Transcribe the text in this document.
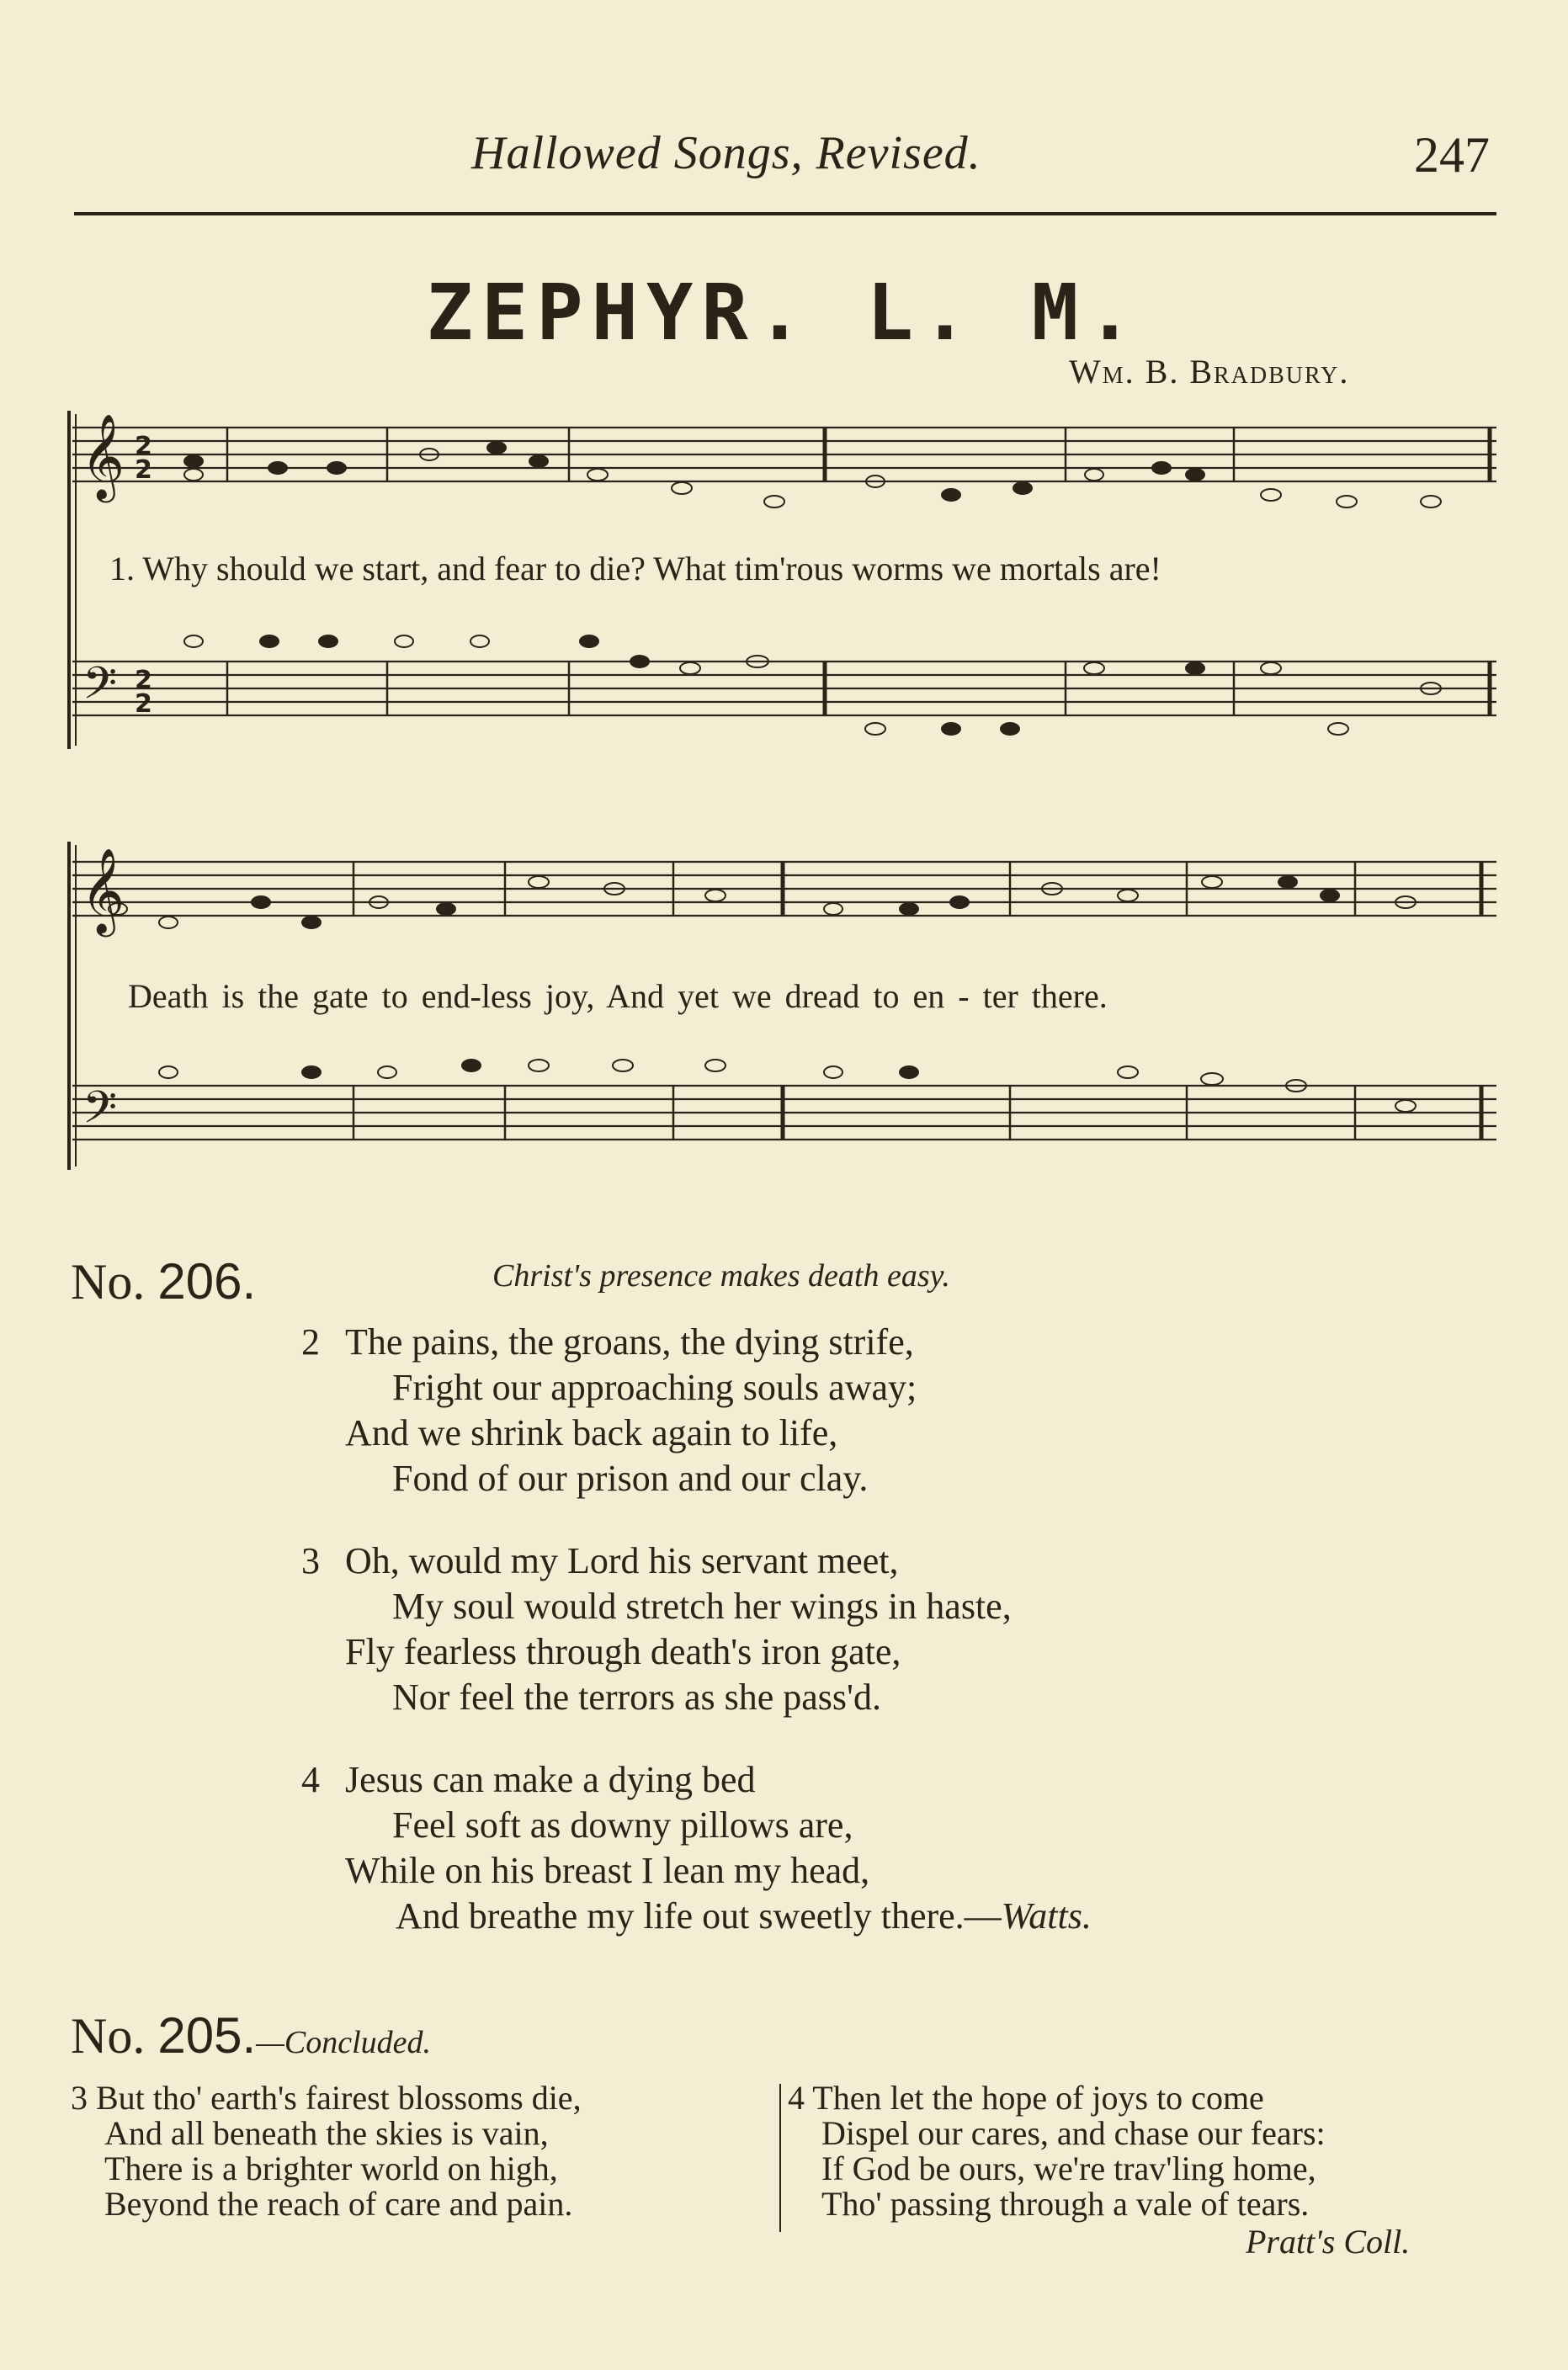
Hallowed Songs, Revised.	247
ZEPHYR. L. M.
Wm. B. Bradbury.
𝄞
𝄢
𝄞
𝄢
2
2
2
2
1. Why should we start, and fear to die? What tim'rous worms we mortals are!
Death is the gate to end-less joy, And yet we dread to en - ter there.
No. 206.	Christ's presence makes death easy.
2 The pains, the groans, the dying strife,
Fright our approaching souls away;
And we shrink back again to life,
Fond of our prison and our clay.
3 Oh, would my Lord his servant meet,
My soul would stretch her wings in haste,
Fly fearless through death's iron gate,
Nor feel the terrors as she pass'd.
4 Jesus can make a dying bed
Feel soft as downy pillows are,
While on his breast I lean my head,
And breathe my life out sweetly there.—Watts.
No. 205.—Concluded.
3 But tho' earth's fairest blossoms die,
And all beneath the skies is vain,
There is a brighter world on high,
Beyond the reach of care and pain.
4 Then let the hope of joys to come
Dispel our cares, and chase our fears:
If God be ours, we're trav'ling home,
Tho' passing through a vale of tears.
Pratt's Coll.
